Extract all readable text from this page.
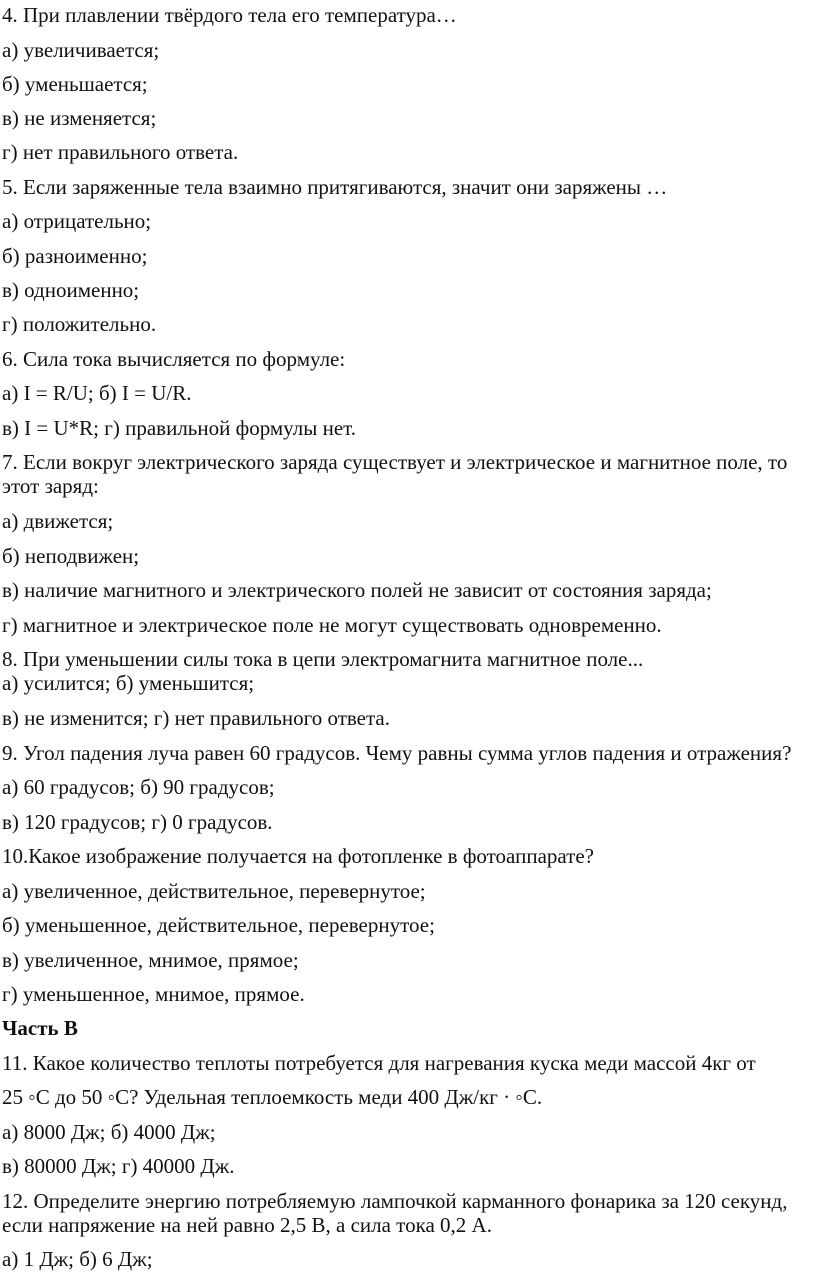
4. При плавлении твёрдого тела его температура…
а) увеличивается;
б) уменьшается;
в) не изменяется;
г) нет правильного ответа.
5. Если заряженные тела взаимно притягиваются, значит они заряжены …
а) отрицательно;
б) разноименно;
в) одноименно;
г) положительно.
6. Сила тока вычисляется по формуле:
а) I = R/U; б) I = U/R.
в) I = U*R; г) правильной формулы нет.
7. Если вокруг электрического заряда существует и электрическое и магнитное поле, то
этот заряд:
а) движется;
б) неподвижен;
в) наличие магнитного и электрического полей не зависит от состояния заряда;
г) магнитное и электрическое поле не могут существовать одновременно.
8. При уменьшении силы тока в цепи электромагнита магнитное поле...
а) усилится; б) уменьшится;
в) не изменится; г) нет правильного ответа.
9. Угол падения луча равен 60 градусов. Чему равны сумма углов падения и отражения?
а) 60 градусов; б) 90 градусов;
в) 120 градусов; г) 0 градусов.
10.Какое изображение получается на фотопленке в фотоаппарате?
а) увеличенное, действительное, перевернутое;
б) уменьшенное, действительное, перевернутое;
в) увеличенное, мнимое, прямое;
г) уменьшенное, мнимое, прямое.
Часть В
11. Какое количество теплоты потребуется для нагревания куска меди массой 4кг от
25 ◦С до 50 ◦С? Удельная теплоемкость меди 400 Дж/кг · ◦С.
а) 8000 Дж; б) 4000 Дж;
в) 80000 Дж; г) 40000 Дж.
12. Определите энергию потребляемую лампочкой карманного фонарика за 120 секунд,
если напряжение на ней равно 2,5 В, а сила тока 0,2 А.
а) 1 Дж; б) 6 Дж;
